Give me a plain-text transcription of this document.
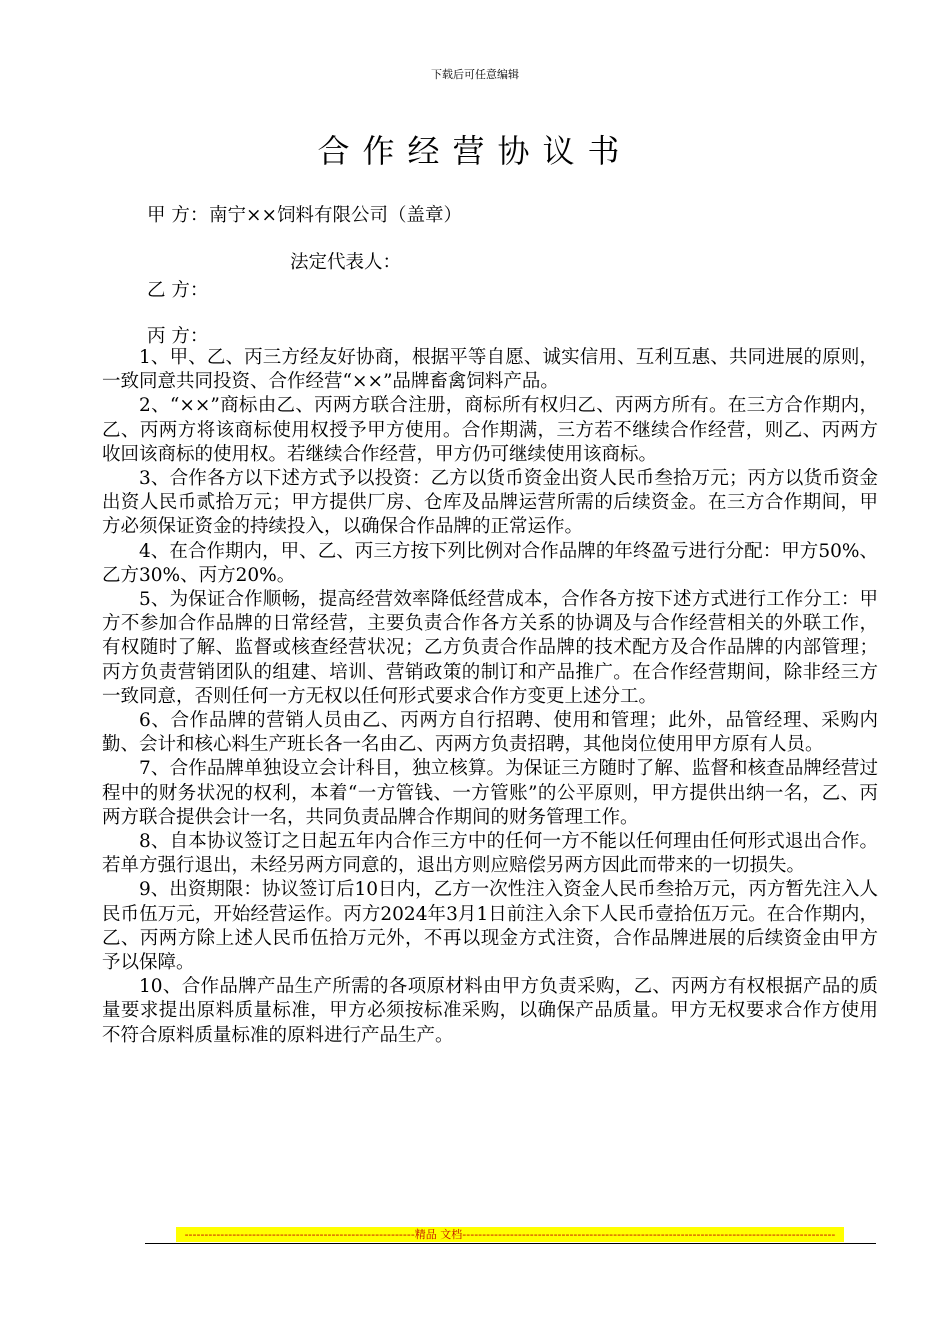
下载后可任意编辑
合作经营协议书
甲 方：南宁××饲料有限公司（盖章）
法定代表人：
乙 方：
丙 方：

1、甲、乙、丙三方经友好协商，根据平等自愿、诚实信用、互利互惠、共同进展的原则，一致同意共同投资、合作经营“××”品牌畜禽饲料产品。

2、“××”商标由乙、丙两方联合注册，商标所有权归乙、丙两方所有。在三方合作期内，乙、丙两方将该商标使用权授予甲方使用。合作期满，三方若不继续合作经营，则乙、丙两方收回该商标的使用权。若继续合作经营，甲方仍可继续使用该商标。

3、合作各方以下述方式予以投资：乙方以货币资金出资人民币叁拾万元；丙方以货币资金出资人民币贰拾万元；甲方提供厂房、仓库及品牌运营所需的后续资金。在三方合作期间，甲方必须保证资金的持续投入，以确保合作品牌的正常运作。

4、在合作期内，甲、乙、丙三方按下列比例对合作品牌的年终盈亏进行分配：甲方50%、乙方30%、丙方20%。

5、为保证合作顺畅，提高经营效率降低经营成本，合作各方按下述方式进行工作分工：甲方不参加合作品牌的日常经营，主要负责合作各方关系的协调及与合作经营相关的外联工作，有权随时了解、监督或核查经营状况；乙方负责合作品牌的技术配方及合作品牌的内部管理；丙方负责营销团队的组建、培训、营销政策的制订和产品推广。在合作经营期间，除非经三方一致同意，否则任何一方无权以任何形式要求合作方变更上述分工。

6、合作品牌的营销人员由乙、丙两方自行招聘、使用和管理；此外，品管经理、采购内勤、会计和核心料生产班长各一名由乙、丙两方负责招聘，其他岗位使用甲方原有人员。

7、合作品牌单独设立会计科目，独立核算。为保证三方随时了解、监督和核查品牌经营过程中的财务状况的权利，本着“一方管钱、一方管账”的公平原则，甲方提供出纳一名，乙、丙两方联合提供会计一名，共同负责品牌合作期间的财务管理工作。

8、自本协议签订之日起五年内合作三方中的任何一方不能以任何理由任何形式退出合作。若单方强行退出，未经另两方同意的，退出方则应赔偿另两方因此而带来的一切损失。

9、出资期限：协议签订后10日内，乙方一次性注入资金人民币叁拾万元，丙方暂先注入人民币伍万元，开始经营运作。丙方2024年3月1日前注入余下人民币壹拾伍万元。在合作期内，乙、丙两方除上述人民币伍拾万元外，不再以现金方式注资，合作品牌进展的后续资金由甲方予以保障。

10、合作品牌产品生产所需的各项原材料由甲方负责采购，乙、丙两方有权根据产品的质量要求提出原料质量标准，甲方必须按标准采购，以确保产品质量。甲方无权要求合作方使用不符合原料质量标准的原料进行产品生产。

----------------------------------------------------------精品 文档----------------------------------------------------------------------------------------------
